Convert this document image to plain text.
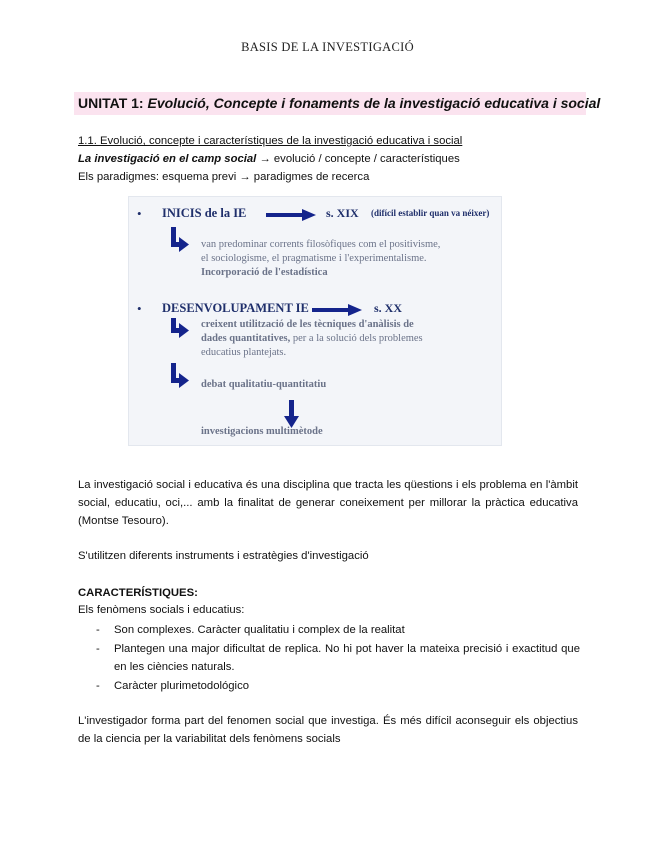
BASIS DE LA INVESTIGACIÓ
UNITAT 1: Evolució, Concepte i fonaments de la investigació educativa i social
1.1. Evolució, concepte i característiques de la investigació educativa i social
La investigació en el camp social → evolució / concepte / característiques
Els paradigmes: esquema previ → paradigmes de recerca
• INICIS de la IE	s. XIX (difícil establir quan va néixer)
van predominar corrents filosòfiques com el positivisme,
el sociologisme, el pragmatisme i l'experimentalisme.
Incorporació de l'estadística
• DESENVOLUPAMENT IE	s. XX
creixent utilització de les tècniques d'anàlisis de
dades quantitatives, per a la solució dels problemes
educatius plantejats.
debat qualitatiu-quantitatiu
investigacions multimètode
La investigació social i educativa és una disciplina que tracta les qüestions i els problema en l'àmbit social, educatiu, oci,... amb la finalitat de generar coneixement per millorar la pràctica educativa (Montse Tesouro).
S'utilitzen diferents instruments i estratègies d'investigació
CARACTERÍSTIQUES:
Els fenòmens socials i educatius:
- Son complexes. Caràcter qualitatiu i complex de la realitat
- Plantegen una major dificultat de replica. No hi pot haver la mateixa precisió i exactitud que en les ciències naturals.
- Caràcter plurimetodológico
L'investigador forma part del fenomen social que investiga. És més difícil aconseguir els objectius de la ciencia per la variabilitat dels fenòmens socials
